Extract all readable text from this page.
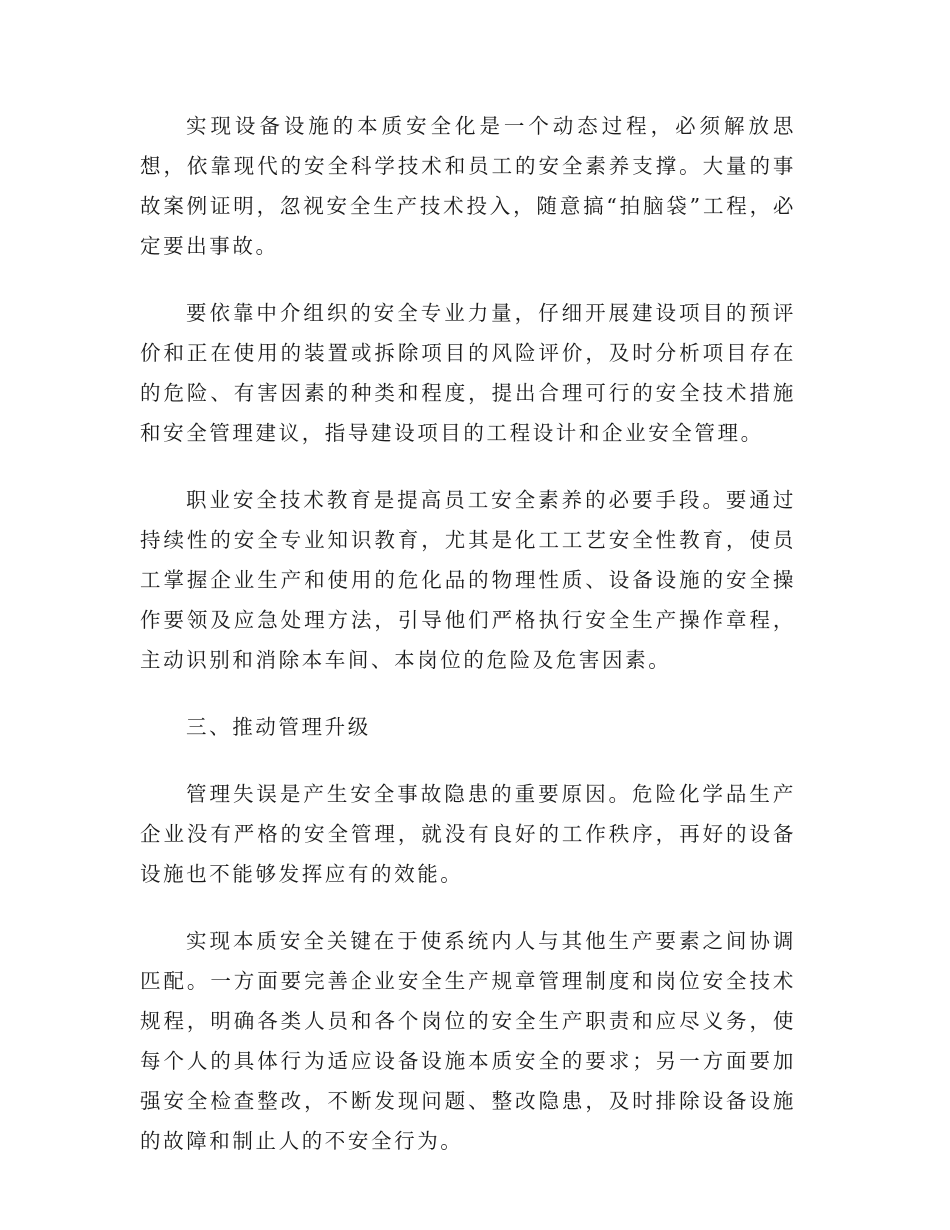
实现设备设施的本质安全化是一个动态过程，必须解放思想，依靠现代的安全科学技术和员工的安全素养支撑。大量的事故案例证明，忽视安全生产技术投入，随意搞“拍脑袋”工程，必定要出事故。

要依靠中介组织的安全专业力量，仔细开展建设项目的预评价和正在使用的装置或拆除项目的风险评价，及时分析项目存在的危险、有害因素的种类和程度，提出合理可行的安全技术措施和安全管理建议，指导建设项目的工程设计和企业安全管理。

职业安全技术教育是提高员工安全素养的必要手段。要通过持续性的安全专业知识教育，尤其是化工工艺安全性教育，使员工掌握企业生产和使用的危化品的物理性质、设备设施的安全操作要领及应急处理方法，引导他们严格执行安全生产操作章程，主动识别和消除本车间、本岗位的危险及危害因素。

三、推动管理升级

管理失误是产生安全事故隐患的重要原因。危险化学品生产企业没有严格的安全管理，就没有良好的工作秩序，再好的设备设施也不能够发挥应有的效能。

实现本质安全关键在于使系统内人与其他生产要素之间协调匹配。一方面要完善企业安全生产规章管理制度和岗位安全技术规程，明确各类人员和各个岗位的安全生产职责和应尽义务，使每个人的具体行为适应设备设施本质安全的要求；另一方面要加强安全检查整改，不断发现问题、整改隐患，及时排除设备设施的故障和制止人的不安全行为。
